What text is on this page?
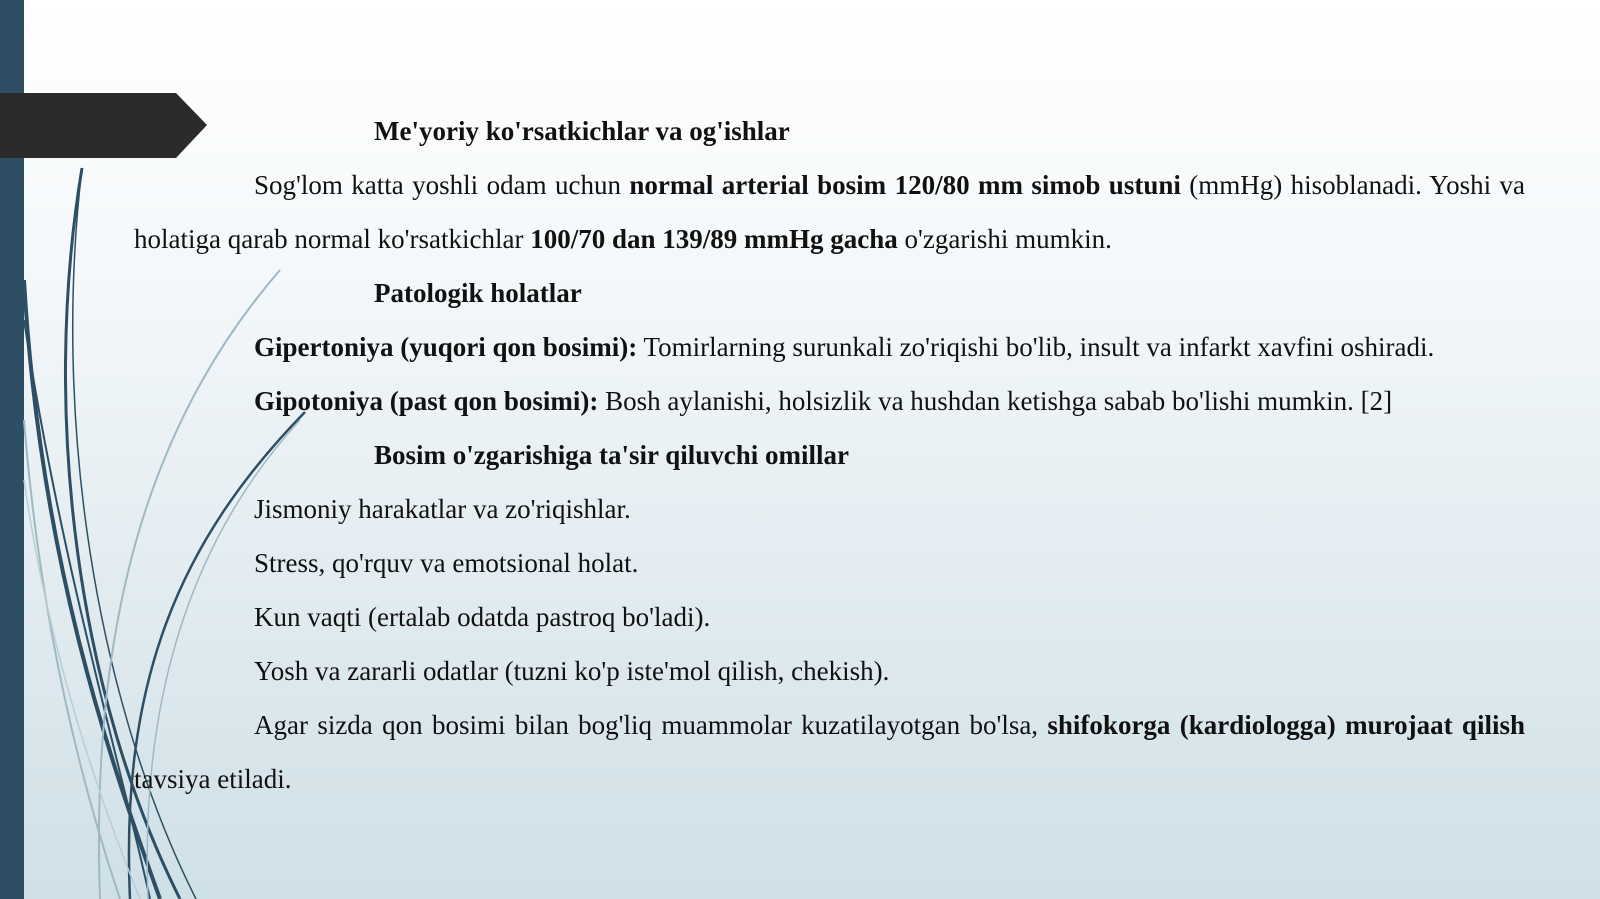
Me'yoriy ko'rsatkichlar va og'ishlar

Sog'lom katta yoshli odam uchun normal arterial bosim 120/80 mm simob ustuni (mmHg) hisoblanadi. Yoshi va holatiga qarab normal ko'rsatkichlar 100/70 dan 139/89 mmHg gacha o'zgarishi mumkin.

Patologik holatlar

Gipertoniya (yuqori qon bosimi): Tomirlarning surunkali zo'riqishi bo'lib, insult va infarkt xavfini oshiradi.

Gipotoniya (past qon bosimi): Bosh aylanishi, holsizlik va hushdan ketishga sabab bo'lishi mumkin. [2]

Bosim o'zgarishiga ta'sir qiluvchi omillar

Jismoniy harakatlar va zo'riqishlar.

Stress, qo'rquv va emotsional holat.

Kun vaqti (ertalab odatda pastroq bo'ladi).

Yosh va zararli odatlar (tuzni ko'p iste'mol qilish, chekish).

Agar sizda qon bosimi bilan bog'liq muammolar kuzatilayotgan bo'lsa, shifokorga (kardiologga) murojaat qilish tavsiya etiladi.
